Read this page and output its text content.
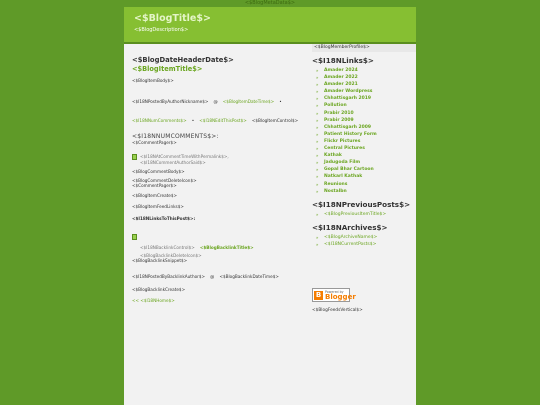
<$BlogMetaData$>
<$BlogTitle$>
<$BlogDescription$>
<$BlogMemberProfile$>
<$BlogDateHeaderDate$>
<$BlogItemTitle$>
<$BlogItemBody$>
<$I18NPostedByAuthorNickname$> @ <$BlogItemDateTime$> •
<$I18NNumComments$> • <$I18NEditThisPost$> <$BlogItemControl$>
<$I18NNUMCOMMENTS$>:
<$CommentPager$>
<$I18NAtCommentTimeWithPermalink$>,
<$I18NCommentAuthorSaid$>
<$BlogCommentBody$>
<$BlogCommentDeleteIcon$>
<$CommentPager$>
<$BlogItemCreate$>
<$BlogItemFeedLinks$>
<$I18NLinksToThisPost$>:
<$I18NBacklinkControl$> <$BlogBacklinkTitle$>
<$BlogBacklinkDeleteIcon$>
<$BlogBacklinkSnippet$>
<$I18NPostedByBacklinkAuthor$> @ <$BlogBacklinkDateTime$>
<$BlogBacklinkCreate$>
<< <$I18NHome$>
<$I18NLinks$>
» Amader 2024
» Amader 2022
» Amader 2021
» Amader Wordpress
» Chhattisgarh 2019
» Pollution
» Prabir 2010
» Prabir 2009
» Chhattisgarh 2009
» Patient History Form
» Flickr Pictures
» Central Pictures
» Kathak
» Jadugoda Film
» Gopal Bhar Cartoon
» Natkarl Kathak
» Reunions
» Nostalbn
<$I18NPreviousPosts$>
» <$BlogPreviousItemTitle$>
<$I18NArchives$>
» <$BlogArchiveName$>
» <$I18NCurrentPosts$>
B	Powered by
Blogger
<$BlogFeedsVertical$>
